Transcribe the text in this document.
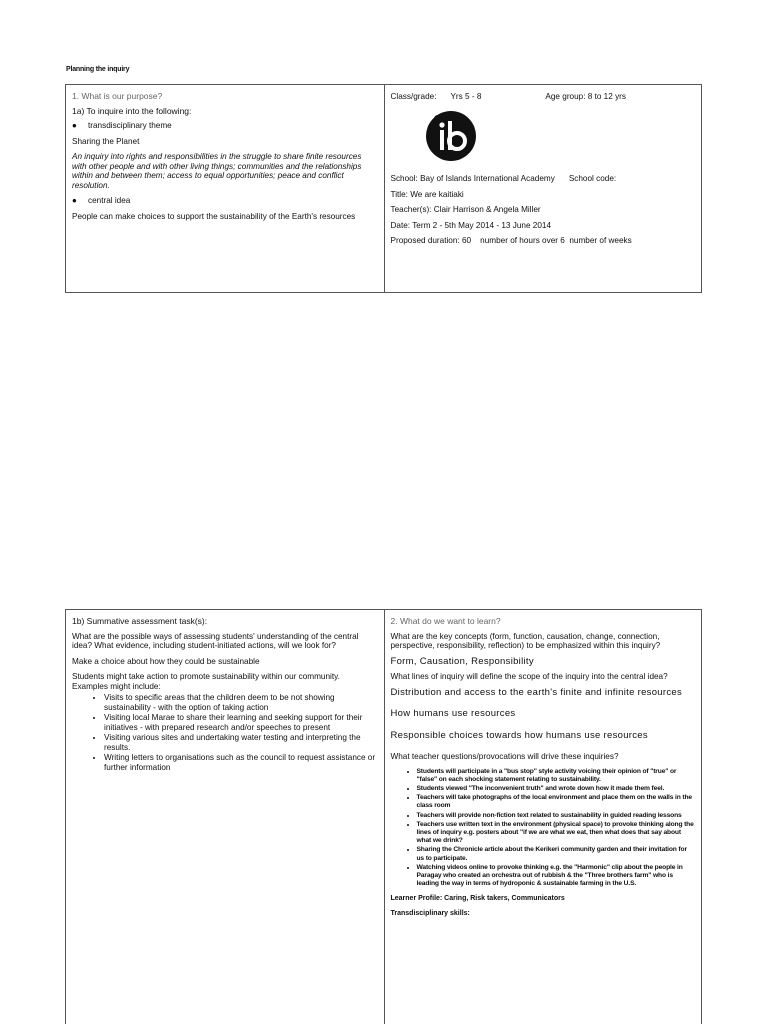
Planning the inquiry

1. What is our purpose?

1a) To inquire into the following:

●	transdisciplinary theme

Sharing the Planet

An inquiry into rights and responsibilities in the struggle to share finite resources with other people and with other living things; communities and the relationships within and between them; access to equal opportunities; peace and conflict resolution.

●	central idea

People can make choices to support the sustainability of the Earth's resources

Class/grade: Yrs 5 - 8	Age group: 8 to 12 yrs
School: Bay of Islands International Academy School code:

Title: We are kaitiaki

Teacher(s): Clair Harrison & Angela Miller

Date: Term 2 - 5th May 2014 - 13 June 2014

Proposed duration: 60    number of hours over 6  number of weeks

1b) Summative assessment task(s):

What are the possible ways of assessing students' understanding of the central idea? What evidence, including student-initiated actions, will we look for?

Make a choice about how they could be sustainable

Students might take action to promote sustainability within our community. Examples might include:

• Visits to specific areas that the children deem to be not showing sustainability - with the option of taking action
• Visiting local Marae to share their learning and seeking support for their initiatives - with prepared research and/or speeches to present
• Visiting various sites and undertaking water testing and interpreting the results.
• Writing letters to organisations such as the council to request assistance or further information

2. What do we want to learn?

What are the key concepts (form, function, causation, change, connection, perspective, responsibility, reflection) to be emphasized within this inquiry?

Form, Causation, Responsibility

What lines of inquiry will define the scope of the inquiry into the central idea?

Distribution and access to the earth's finite and infinite resources

How humans use resources

Responsible choices towards how humans use resources

What teacher questions/provocations will drive these inquiries?

• Students will participate in a "bus stop" style activity voicing their opinion of "true" or "false" on each shocking statement relating to sustainability.
• Students viewed "The inconvenient truth" and wrote down how it made them feel.
• Teachers will take photographs of the local environment and place them on the walls in the class room
• Teachers will provide non-fiction text related to sustainability in guided reading lessons
• Teachers use written text in the environment (physical space) to provoke thinking along the lines of inquiry e.g. posters about "if we are what we eat, then what does that say about what we drink?
• Sharing the Chronicle article about the Kerikeri community garden and their invitation for us to participate.
• Watching videos online to provoke thinking e.g. the "Harmonic" clip about the people in Paragay who created an orchestra out of rubbish & the "Three brothers farm" who is leading the way in terms of hydroponic & sustainable farming in the U.S.

Learner Profile: Caring, Risk takers, Communicators

Transdisciplinary skills:
